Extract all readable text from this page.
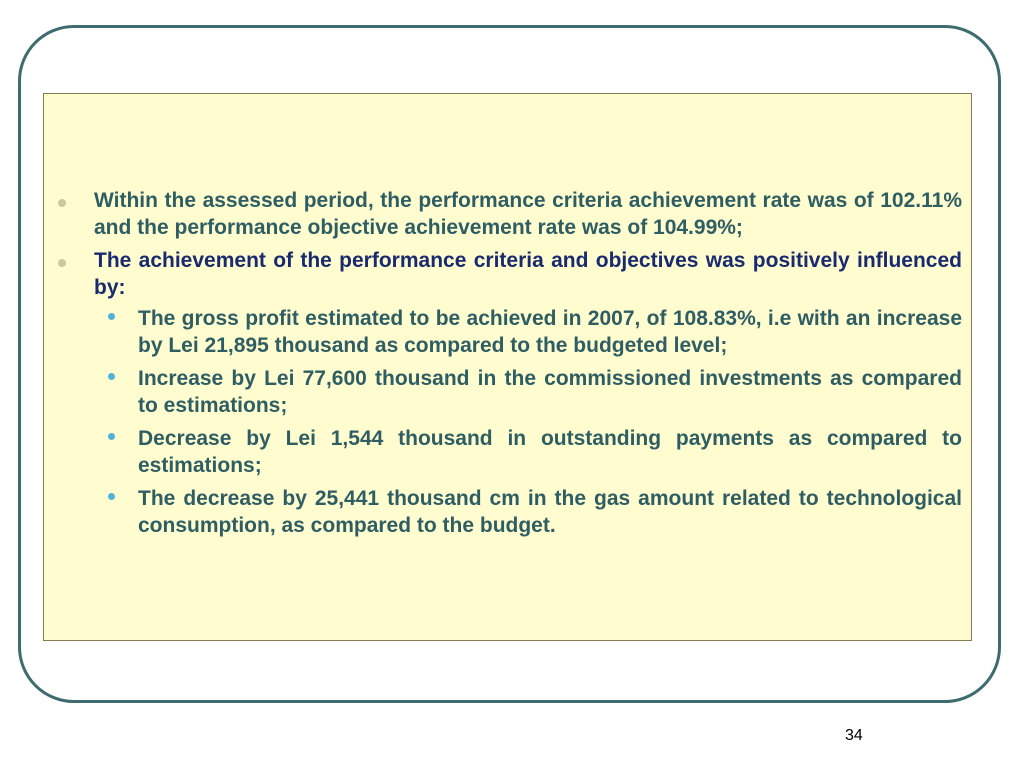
Within the assessed period, the performance criteria achievement rate was of 102.11% and the performance objective achievement rate was of 104.99%;
The achievement of the performance criteria and objectives was positively influenced by:
The gross profit estimated to be achieved in 2007, of 108.83%, i.e with an increase by Lei 21,895 thousand as compared to the budgeted level;
Increase by Lei 77,600 thousand in the commissioned investments as compared to estimations;
Decrease by Lei 1,544 thousand in outstanding payments as compared to estimations;
The decrease by 25,441 thousand cm in the gas amount related to technological consumption, as compared to the budget.
34
